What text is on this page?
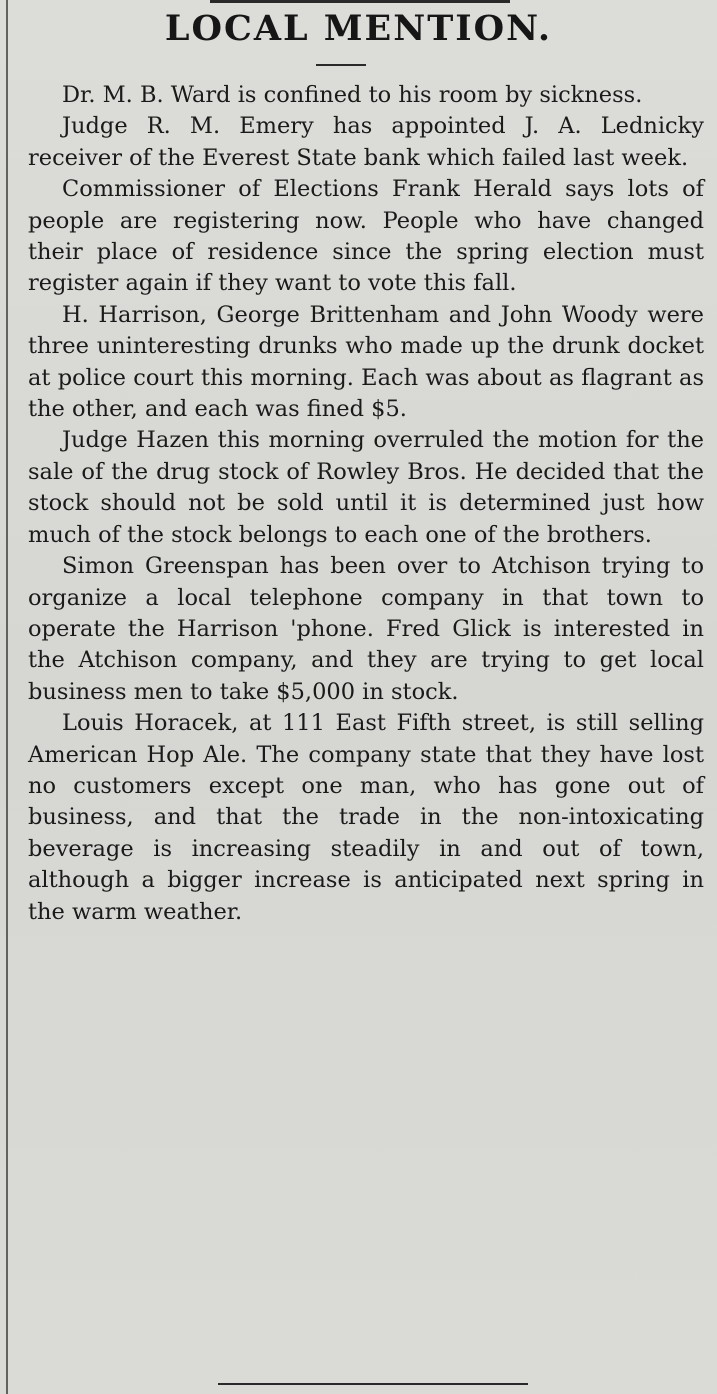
LOCAL MENTION.

Dr. M. B. Ward is confined to his room by sickness.

Judge R. M. Emery has appointed J. A. Lednicky receiver of the Everest State bank which failed last week.

Commissioner of Elections Frank Herald says lots of people are registering now. People who have changed their place of residence since the spring election must register again if they want to vote this fall.

H. Harrison, George Brittenham and John Woody were three uninteresting drunks who made up the drunk docket at police court this morning. Each was about as flagrant as the other, and each was fined $5.

Judge Hazen this morning overruled the motion for the sale of the drug stock of Rowley Bros. He decided that the stock should not be sold until it is determined just how much of the stock belongs to each one of the brothers.

Simon Greenspan has been over to Atchison trying to organize a local telephone company in that town to operate the Harrison 'phone. Fred Glick is interested in the Atchison company, and they are trying to get local business men to take $5,000 in stock.

Louis Horacek, at 111 East Fifth street, is still selling American Hop Ale. The company state that they have lost no customers except one man, who has gone out of business, and that the trade in the non-intoxicating beverage is increasing steadily in and out of town, although a bigger increase is anticipated next spring in the warm weather.
